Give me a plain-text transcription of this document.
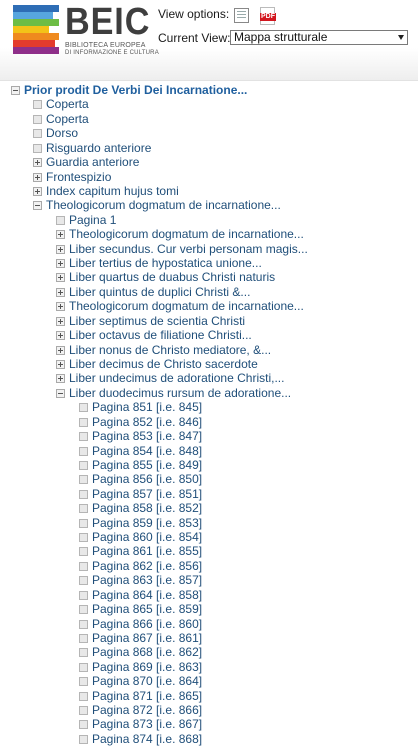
BEIC
BIBLIOTECA EUROPEA
DI INFORMAZIONE E CULTURA
View options:	PDF
Current View: Mappa strutturale
Prior prodit De Verbi Dei Incarnatione...
Coperta
Coperta
Dorso
Risguardo anteriore
Guardia anteriore
Frontespizio
Index capitum hujus tomi
Theologicorum dogmatum de incarnatione...
Pagina 1
Theologicorum dogmatum de incarnatione...
Liber secundus. Cur verbi personam magis...
Liber tertius de hypostatica unione...
Liber quartus de duabus Christi naturis
Liber quintus de duplici Christi &...
Theologicorum dogmatum de incarnatione...
Liber septimus de scientia Christi
Liber octavus de filiatione Christi...
Liber nonus de Christo mediatore, &...
Liber decimus de Christo sacerdote
Liber undecimus de adoratione Christi,...
Liber duodecimus rursum de adoratione...
Pagina 851 [i.e. 845]
Pagina 852 [i.e. 846]
Pagina 853 [i.e. 847]
Pagina 854 [i.e. 848]
Pagina 855 [i.e. 849]
Pagina 856 [i.e. 850]
Pagina 857 [i.e. 851]
Pagina 858 [i.e. 852]
Pagina 859 [i.e. 853]
Pagina 860 [i.e. 854]
Pagina 861 [i.e. 855]
Pagina 862 [i.e. 856]
Pagina 863 [i.e. 857]
Pagina 864 [i.e. 858]
Pagina 865 [i.e. 859]
Pagina 866 [i.e. 860]
Pagina 867 [i.e. 861]
Pagina 868 [i.e. 862]
Pagina 869 [i.e. 863]
Pagina 870 [i.e. 864]
Pagina 871 [i.e. 865]
Pagina 872 [i.e. 866]
Pagina 873 [i.e. 867]
Pagina 874 [i.e. 868]
